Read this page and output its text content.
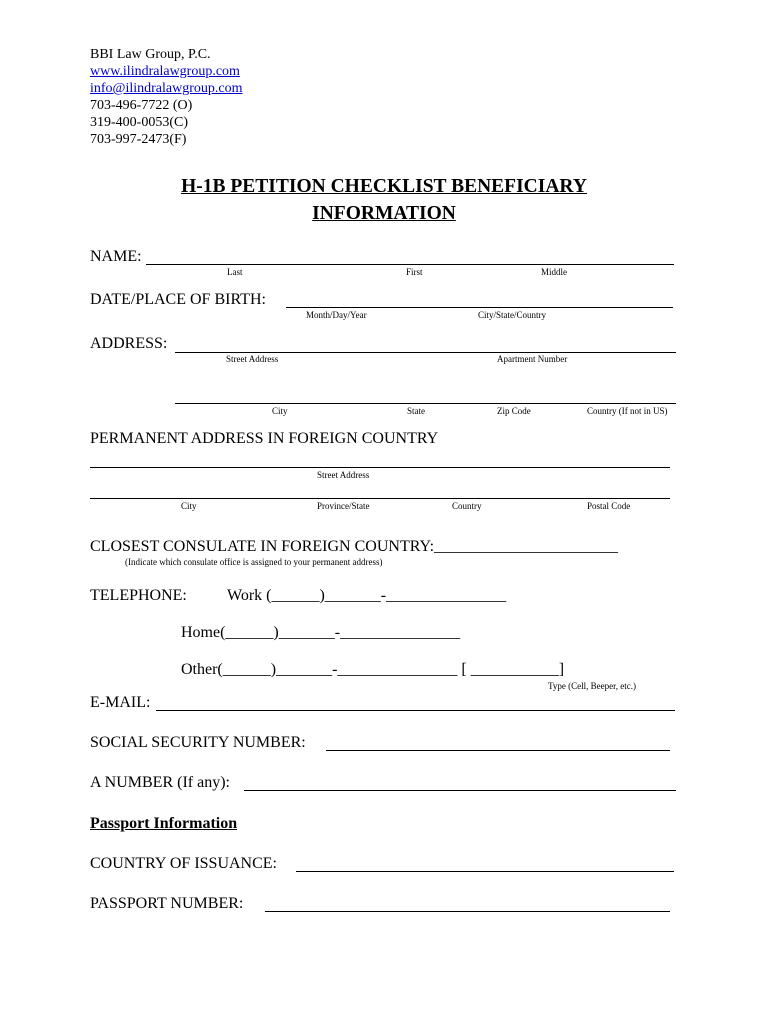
BBI Law Group, P.C.
www.ilindralawgroup.com
info@ilindralawgroup.com
703-496-7722 (O)
319-400-0053(C)
703-997-2473(F)
H-1B PETITION CHECKLIST BENEFICIARY
INFORMATION
NAME:
Last	First	Middle
DATE/PLACE OF BIRTH:
Month/Day/Year	City/State/Country
ADDRESS:
Street Address	Apartment Number
City	State	Zip Code	Country (If not in US)
PERMANENT ADDRESS IN FOREIGN COUNTRY
Street Address
City	Province/State	Country	Postal Code
CLOSEST CONSULATE IN FOREIGN COUNTRY:_______________________
(Indicate which consulate office is assigned to your permanent address)
TELEPHONE:	Work (______)_______-_______________
Home(______)_______-_______________
Other(______)_______-_______________ [ ___________]
Type (Cell, Beeper, etc.)
E-MAIL:
SOCIAL SECURITY NUMBER:
A NUMBER (If any):
Passport Information
COUNTRY OF ISSUANCE:
PASSPORT NUMBER:
